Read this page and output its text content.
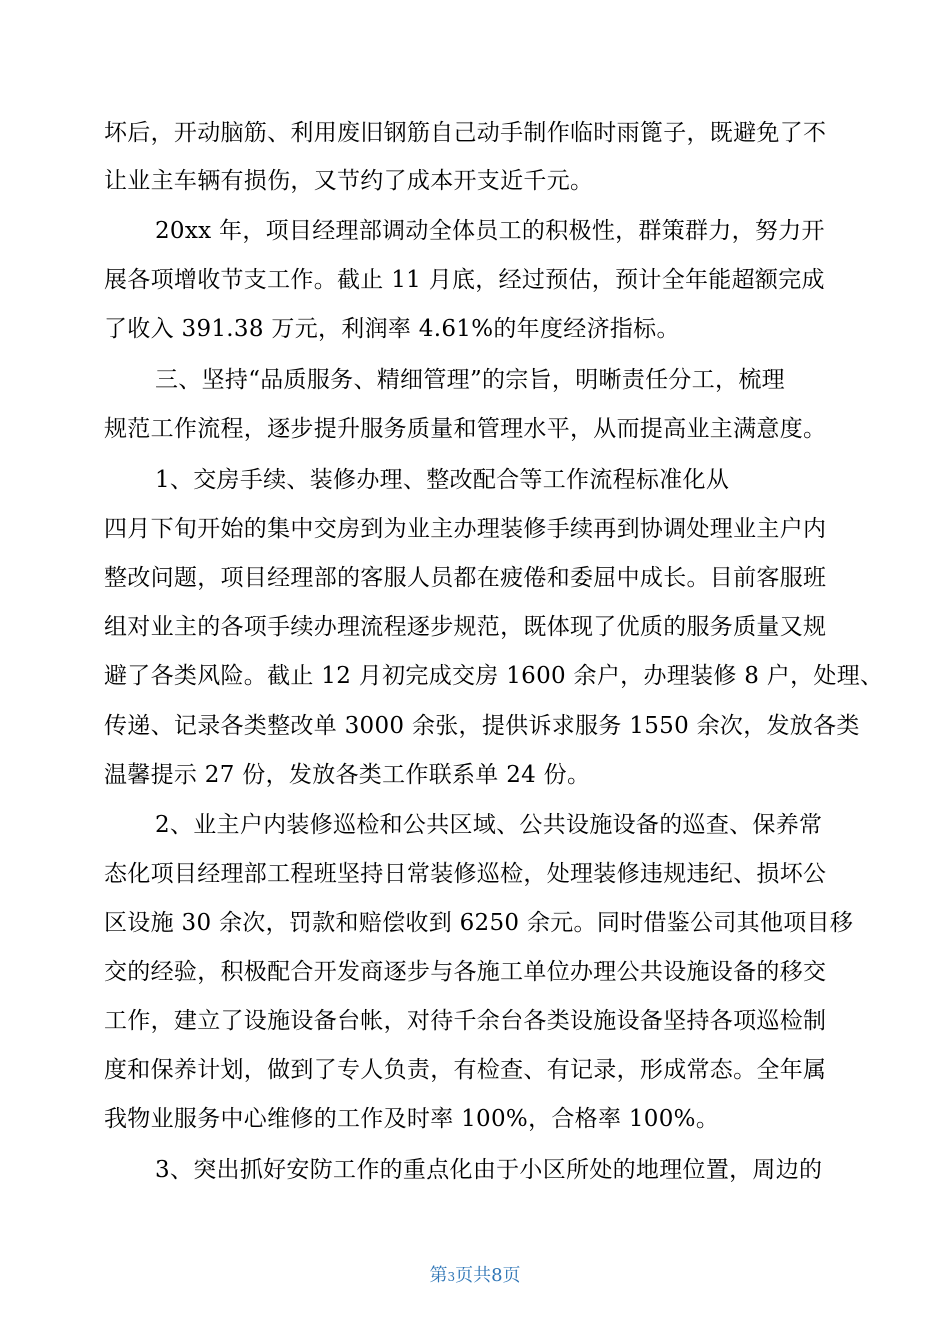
坏后，开动脑筋、利用废旧钢筋自己动手制作临时雨篦子，既避免了不
让业主车辆有损伤，又节约了成本开支近千元。
20xx 年，项目经理部调动全体员工的积极性，群策群力，努力开
展各项增收节支工作。截止 11 月底，经过预估，预计全年能超额完成
了收入 391.38 万元，利润率 4.61%的年度经济指标。
三、坚持“品质服务、精细管理”的宗旨，明晰责任分工，梳理
规范工作流程，逐步提升服务质量和管理水平，从而提高业主满意度。
1、交房手续、装修办理、整改配合等工作流程标准化从
四月下旬开始的集中交房到为业主办理装修手续再到协调处理业主户内
整改问题，项目经理部的客服人员都在疲倦和委屈中成长。目前客服班
组对业主的各项手续办理流程逐步规范，既体现了优质的服务质量又规
避了各类风险。截止 12 月初完成交房 1600 余户，办理装修 8 户，处理、
传递、记录各类整改单 3000 余张，提供诉求服务 1550 余次，发放各类
温馨提示 27 份，发放各类工作联系单 24 份。
2、业主户内装修巡检和公共区域、公共设施设备的巡查、保养常
态化项目经理部工程班坚持日常装修巡检，处理装修违规违纪、损坏公
区设施 30 余次，罚款和赔偿收到 6250 余元。同时借鉴公司其他项目移
交的经验，积极配合开发商逐步与各施工单位办理公共设施设备的移交
工作，建立了设施设备台帐，对待千余台各类设施设备坚持各项巡检制
度和保养计划，做到了专人负责，有检查、有记录，形成常态。全年属
我物业服务中心维修的工作及时率 100%，合格率 100%。
3、突出抓好安防工作的重点化由于小区所处的地理位置，周边的
第3页共8页
